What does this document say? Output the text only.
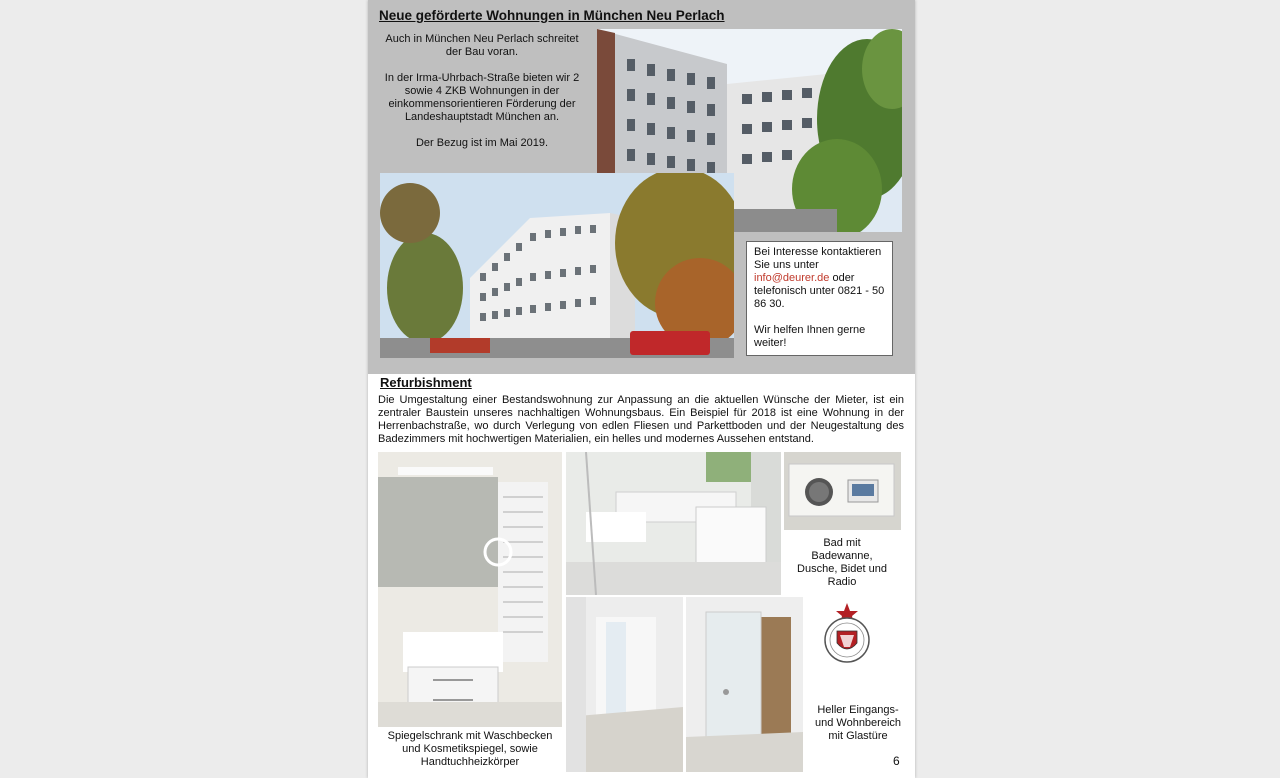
Neue geförderte Wohnungen in München Neu Perlach

Auch in München Neu Perlach schreitet der Bau voran.

In der Irma-Uhrbach-Straße bieten wir 2 sowie 4 ZKB Wohnungen in der einkommensorientieren Förderung der Landeshauptstadt München an.

Der Bezug ist im Mai 2019.

Bei Interesse kontaktieren Sie uns unter info@deurer.de oder telefonisch unter 0821 - 50 86 30.

Wir helfen Ihnen gerne weiter!

Refurbishment
Die Umgestaltung einer Bestandswohnung zur Anpassung an die aktuellen Wünsche der Mieter, ist ein zentraler Baustein unseres nachhaltigen Wohnungsbaus. Ein Beispiel für 2018 ist eine Wohnung in der Herrenbachstraße, wo durch Verlegung von edlen Fliesen und Parkettboden und der Neugestaltung des Badezimmers mit hochwertigen Materialien, ein helles und modernes Aussehen entstand.
Bad mit Badewanne, Dusche, Bidet und Radio
Spiegelschrank mit Waschbecken und Kosmetikspiegel, sowie Handtuchheizkörper
Heller Eingangs- und Wohnbereich mit Glastüre
6
